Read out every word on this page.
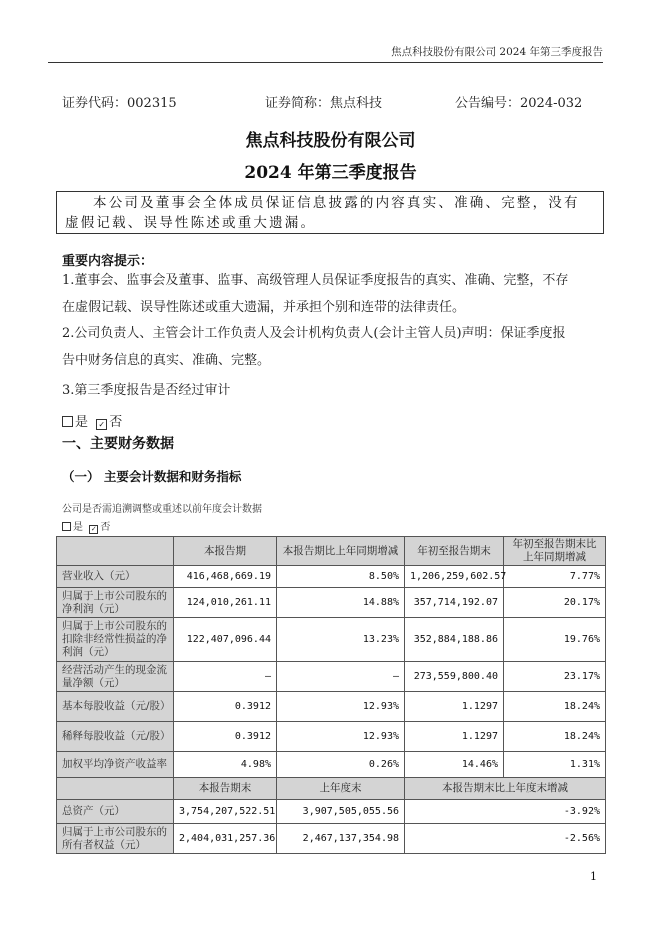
焦点科技股份有限公司 2024 年第三季度报告
证券代码：002315	证券简称：焦点科技	公告编号：2024-032
焦点科技股份有限公司
2024 年第三季度报告
本公司及董事会全体成员保证信息披露的内容真实、准确、完整，没有
虚假记载、误导性陈述或重大遗漏。
重要内容提示：
1.董事会、监事会及董事、监事、高级管理人员保证季度报告的真实、准确、完整，不存
在虚假记载、误导性陈述或重大遗漏，并承担个别和连带的法律责任。
2.公司负责人、主管会计工作负责人及会计机构负责人(会计主管人员)声明：保证季度报
告中财务信息的真实、准确、完整。
3.第三季度报告是否经过审计
是 ✓ 否
一、主要财务数据
（一） 主要会计数据和财务指标
公司是否需追溯调整或重述以前年度会计数据
是 ✓ 否
	本报告期	本报告期比上年同期增减	年初至报告期末	年初至报告期末比上年同期增减
营业收入（元）	416,468,669.19	8.50%	1,206,259,602.57	7.77%
归属于上市公司股东的净利润（元）	124,010,261.11	14.88%	357,714,192.07	20.17%
归属于上市公司股东的扣除非经常性损益的净利润（元）	122,407,096.44	13.23%	352,884,188.86	19.76%
经营活动产生的现金流量净额（元）	—	—	273,559,800.40	23.17%
基本每股收益（元/股）	0.3912	12.93%	1.1297	18.24%
稀释每股收益（元/股）	0.3912	12.93%	1.1297	18.24%
加权平均净资产收益率	4.98%	0.26%	14.46%	1.31%
	本报告期末	上年度末	本报告期末比上年度末增减	
总资产（元）	3,754,207,522.51	3,907,505,055.56	-3.92%	
归属于上市公司股东的所有者权益（元）	2,404,031,257.36	2,467,137,354.98	-2.56%	
1
